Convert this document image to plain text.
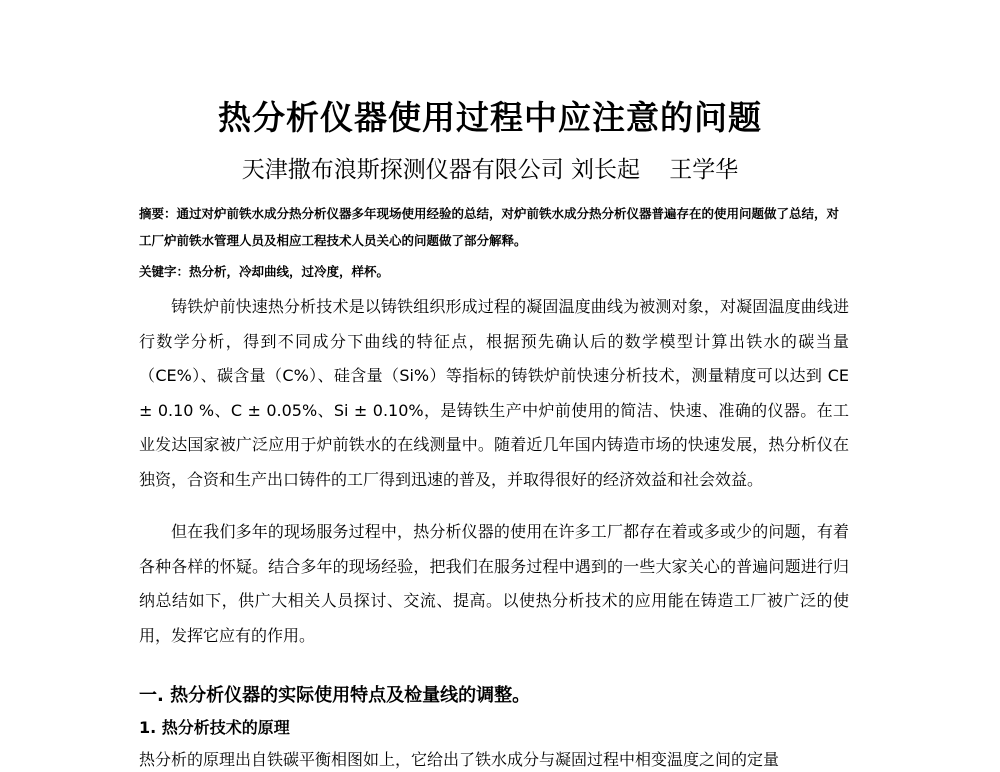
热分析仪器使用过程中应注意的问题
天津撒布浪斯探测仪器有限公司 刘长起 王学华
摘要：通过对炉前铁水成分热分析仪器多年现场使用经验的总结，对炉前铁水成分热分析仪器普遍存在的使用问题做了总结，对工厂炉前铁水管理人员及相应工程技术人员关心的问题做了部分解释。
关键字：热分析，冷却曲线，过冷度，样杯。
铸铁炉前快速热分析技术是以铸铁组织形成过程的凝固温度曲线为被测对象，对凝固温度曲线进行数学分析，得到不同成分下曲线的特征点，根据预先确认后的数学模型计算出铁水的碳当量（CE%）、碳含量（C%）、硅含量（Si%）等指标的铸铁炉前快速分析技术，测量精度可以达到 CE ± 0.10 %、C ± 0.05%、Si ± 0.10%，是铸铁生产中炉前使用的简洁、快速、准确的仪器。在工业发达国家被广泛应用于炉前铁水的在线测量中。随着近几年国内铸造市场的快速发展，热分析仪在独资，合资和生产出口铸件的工厂得到迅速的普及，并取得很好的经济效益和社会效益。
但在我们多年的现场服务过程中，热分析仪器的使用在许多工厂都存在着或多或少的问题，有着各种各样的怀疑。结合多年的现场经验，把我们在服务过程中遇到的一些大家关心的普遍问题进行归纳总结如下，供广大相关人员探讨、交流、提高。以使热分析技术的应用能在铸造工厂被广泛的使用，发挥它应有的作用。
一. 热分析仪器的实际使用特点及检量线的调整。
1. 热分析技术的原理
热分析的原理出自铁碳平衡相图如上，它给出了铁水成分与凝固过程中相变温度之间的定量
